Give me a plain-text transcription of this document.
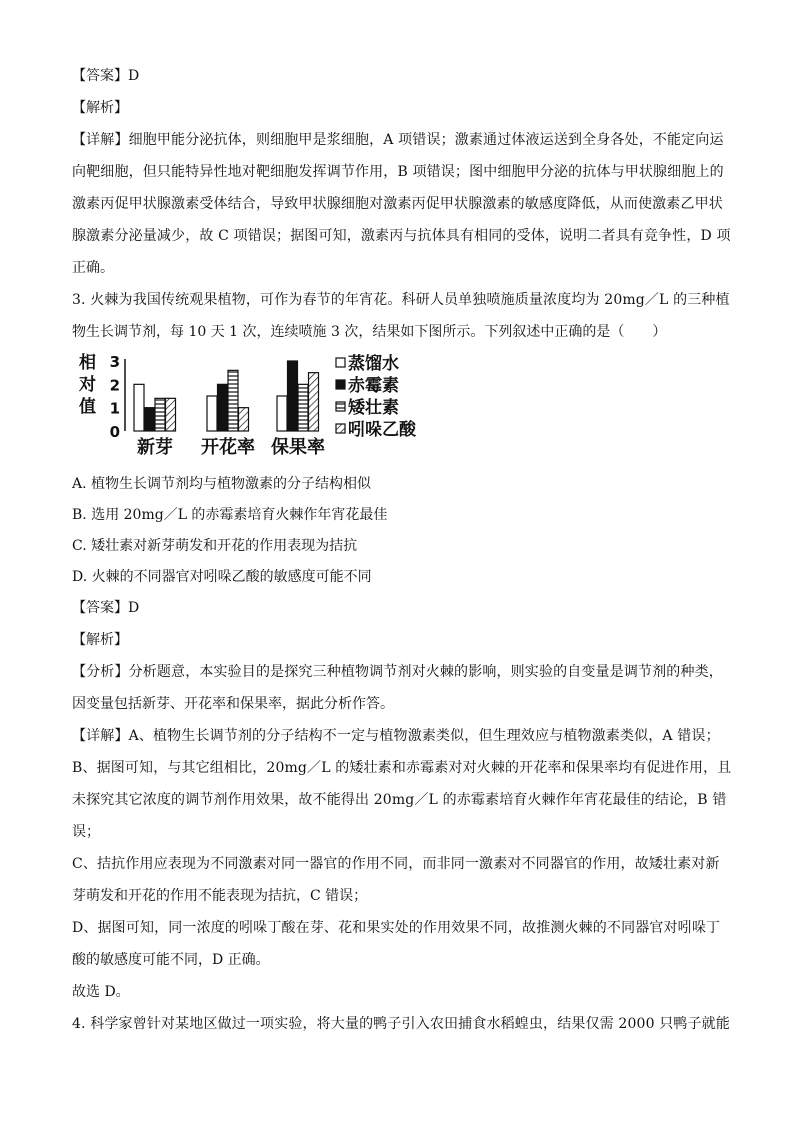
【答案】D
【解析】
【详解】细胞甲能分泌抗体，则细胞甲是浆细胞，A 项错误；激素通过体液运送到全身各处，不能定向运
向靶细胞，但只能特异性地对靶细胞发挥调节作用，B 项错误；图中细胞甲分泌的抗体与甲状腺细胞上的
激素丙促甲状腺激素受体结合，导致甲状腺细胞对激素丙促甲状腺激素的敏感度降低，从而使激素乙甲状
腺激素分泌量减少，故 C 项错误；据图可知，激素丙与抗体具有相同的受体，说明二者具有竞争性，D 项
正确。
3. 火棘为我国传统观果植物，可作为春节的年宵花。科研人员单独喷施质量浓度均为 20mg／L 的三种植
物生长调节剂，每 10 天 1 次，连续喷施 3 次，结果如下图所示。下列叙述中正确的是（　　）
相
对
值
0
1
2
3
新芽 开花率 保果率
蒸馏水
赤霉素
矮壮素
吲哚乙酸
A. 植物生长调节剂均与植物激素的分子结构相似
B. 选用 20mg／L 的赤霉素培育火棘作年宵花最佳
C. 矮壮素对新芽萌发和开花的作用表现为拮抗
D. 火棘的不同器官对吲哚乙酸的敏感度可能不同
【答案】D
【解析】
【分析】分析题意，本实验目的是探究三种植物调节剂对火棘的影响，则实验的自变量是调节剂的种类，
因变量包括新芽、开花率和保果率，据此分析作答。
【详解】A、植物生长调节剂的分子结构不一定与植物激素类似，但生理效应与植物激素类似，A 错误；
B、据图可知，与其它组相比，20mg／L 的矮壮素和赤霉素对对火棘的开花率和保果率均有促进作用，且
未探究其它浓度的调节剂作用效果，故不能得出 20mg／L 的赤霉素培育火棘作年宵花最佳的结论，B 错
误；
C、拮抗作用应表现为不同激素对同一器官的作用不同，而非同一激素对不同器官的作用，故矮壮素对新
芽萌发和开花的作用不能表现为拮抗，C 错误；
D、据图可知，同一浓度的吲哚丁酸在芽、花和果实处的作用效果不同，故推测火棘的不同器官对吲哚丁
酸的敏感度可能不同，D 正确。
故选 D。
4. 科学家曾针对某地区做过一项实验，将大量的鸭子引入农田捕食水稻蝗虫，结果仅需 2000 只鸭子就能
